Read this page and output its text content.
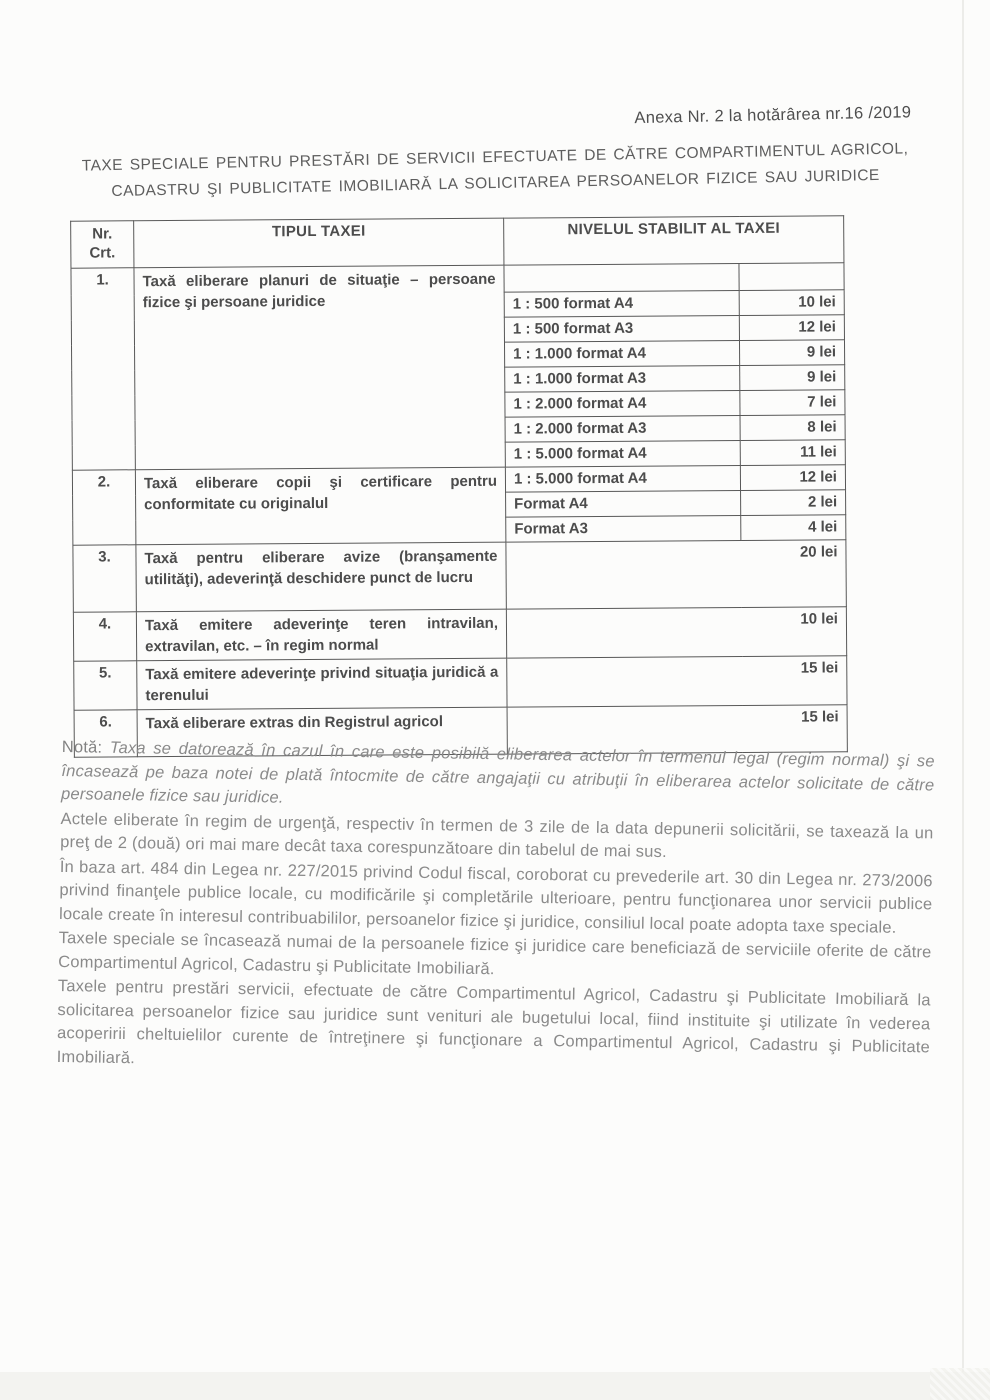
Anexa Nr. 2 la hotărârea nr.16 /2019
TAXE SPECIALE PENTRU PRESTĂRI DE SERVICII EFECTUATE DE CĂTRE COMPARTIMENTUL AGRICOL,
CADASTRU ŞI PUBLICITATE IMOBILIARĂ LA SOLICITAREA PERSOANELOR FIZICE SAU JURIDICE
Nr.
Crt.	TIPUL TAXEI	NIVELUL STABILIT AL TAXEI	
1.	Taxă eliberare planuri de situaţie – persoane fizice şi persoane juridice		
		1 : 500 format A4	10 lei
		1 : 500 format A3	12 lei
		1 : 1.000 format A4	9 lei
		1 : 1.000 format A3	9 lei
		1 : 2.000 format A4	7 lei
		1 : 2.000 format A3	8 lei
		1 : 5.000 format A4	11 lei
2.	Taxă eliberare copii şi certificare pentru conformitate cu originalul	1 : 5.000 format A4	12 lei
		Format A4	2 lei
		Format A3	4 lei
3.	Taxă pentru eliberare avize (branşamente utilităţi), adeverinţă deschidere punct de lucru	20 lei	
4.	Taxă emitere adeverinţe teren intravilan, extravilan, etc. – în regim normal	10 lei	
5.	Taxă emitere adeverinţe privind situaţia juridică a terenului	15 lei	
6.	Taxă eliberare extras din Registrul agricol	15 lei	

Notă: Taxa se datorează în cazul în care este posibilă eliberarea actelor în termenul legal (regim normal) şi se încasează pe baza notei de plată întocmite de către angajaţii cu atribuţii în eliberarea actelor solicitate de către persoanele fizice sau juridice.

Actele eliberate în regim de urgenţă, respectiv în termen de 3 zile de la data depunerii solicitării, se taxează la un preţ de 2 (două) ori mai mare decât taxa corespunzătoare din tabelul de mai sus.

În baza art. 484 din Legea nr. 227/2015 privind Codul fiscal, coroborat cu prevederile art. 30 din Legea nr. 273/2006 privind finanţele publice locale, cu modificările şi completările ulterioare, pentru funcţionarea unor servicii publice locale create în interesul contribuabililor, persoanelor fizice şi juridice, consiliul local poate adopta taxe speciale.

Taxele speciale se încasează numai de la persoanele fizice şi juridice care beneficiază de serviciile oferite de către Compartimentul Agricol, Cadastru şi Publicitate Imobiliară.

Taxele pentru prestări servicii, efectuate de către Compartimentul Agricol, Cadastru şi Publicitate Imobiliară la solicitarea persoanelor fizice sau juridice sunt venituri ale bugetului local, fiind instituite şi utilizate în vederea acoperirii cheltuielilor curente de întreţinere şi funcţionare a Compartimentul Agricol, Cadastru şi Publicitate Imobiliară.
